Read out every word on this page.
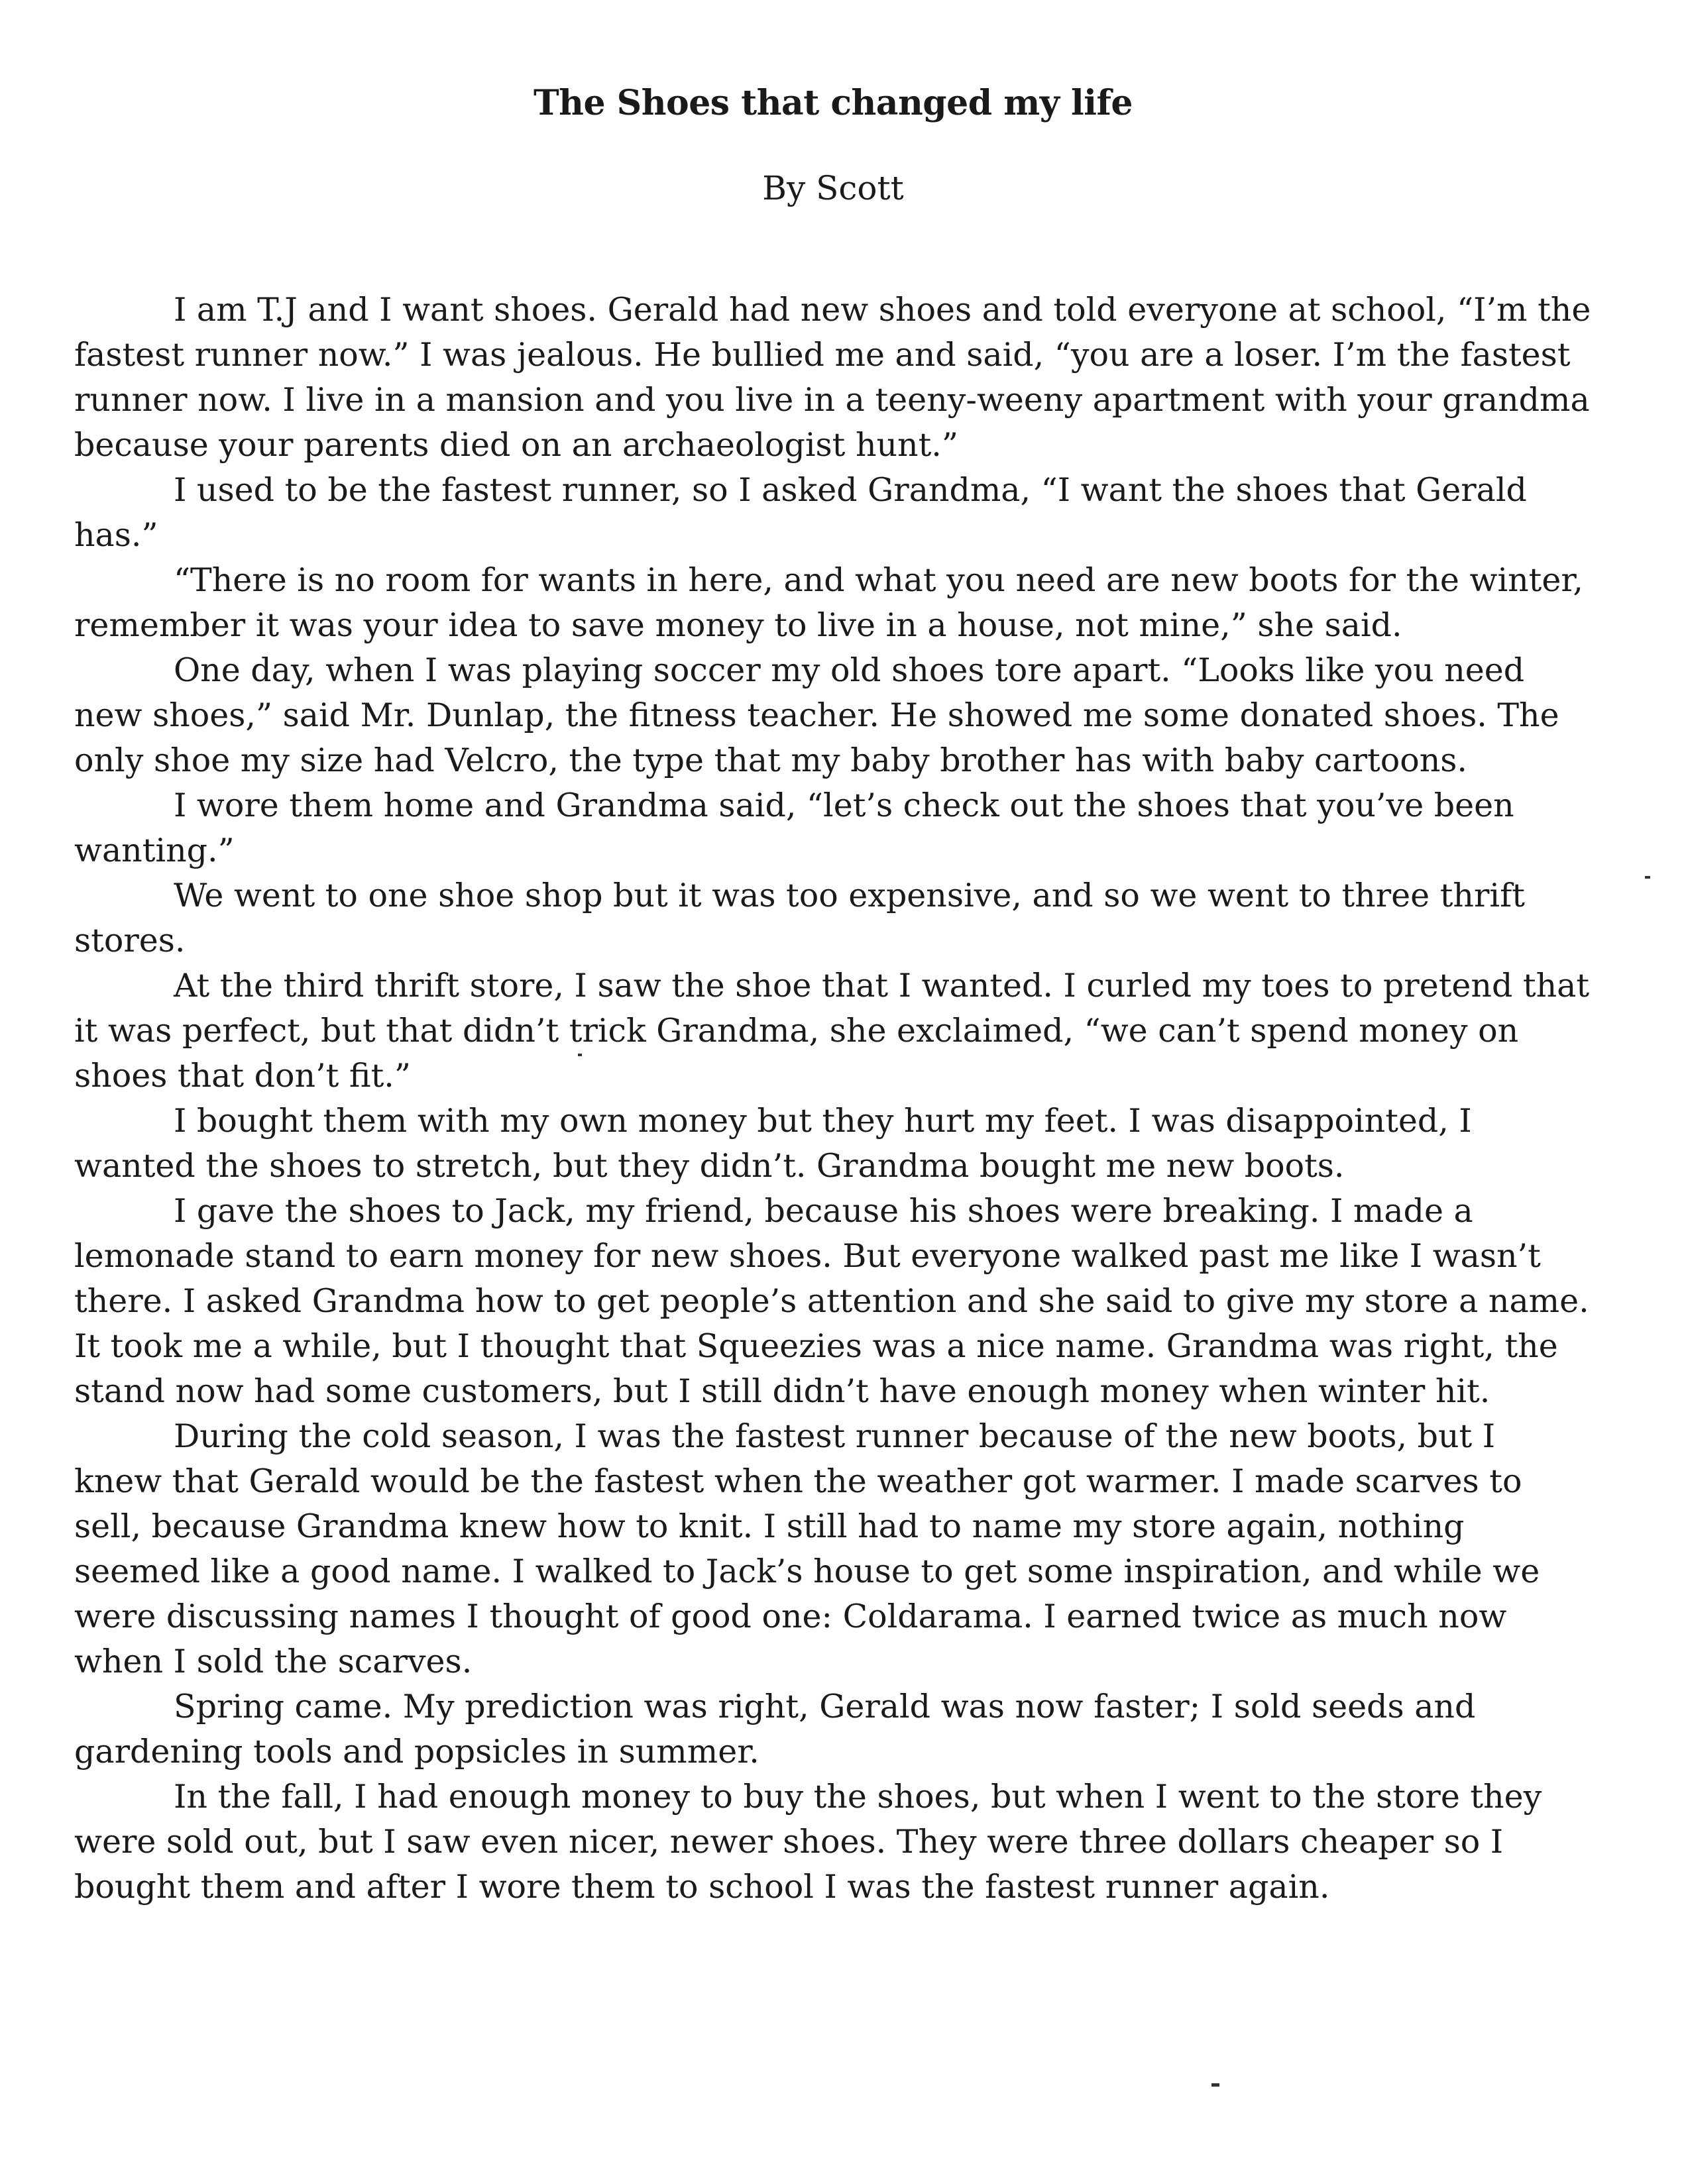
The Shoes that changed my life
By Scott

I am T.J and I want shoes. Gerald had new shoes and told everyone at school, “I’m the fastest runner now.” I was jealous. He bullied me and said, “you are a loser. I’m the fastest runner now. I live in a mansion and you live in a teeny-weeny apartment with your grandma because your parents died on an archaeologist hunt.”

I used to be the fastest runner, so I asked Grandma, “I want the shoes that Gerald has.”

“There is no room for wants in here, and what you need are new boots for the winter, remember it was your idea to save money to live in a house, not mine,” she said.

One day, when I was playing soccer my old shoes tore apart. “Looks like you need new shoes,” said Mr. Dunlap, the fitness teacher. He showed me some donated shoes. The only shoe my size had Velcro, the type that my baby brother has with baby cartoons.

I wore them home and Grandma said, “let’s check out the shoes that you’ve been wanting.”

We went to one shoe shop but it was too expensive, and so we went to three thrift stores.

At the third thrift store, I saw the shoe that I wanted. I curled my toes to pretend that it was perfect, but that didn’t trick Grandma, she exclaimed, “we can’t spend money on shoes that don’t fit.”

I bought them with my own money but they hurt my feet. I was disappointed, I wanted the shoes to stretch, but they didn’t. Grandma bought me new boots.

I gave the shoes to Jack, my friend, because his shoes were breaking. I made a lemonade stand to earn money for new shoes. But everyone walked past me like I wasn’t there. I asked Grandma how to get people’s attention and she said to give my store a name. It took me a while, but I thought that Squeezies was a nice name. Grandma was right, the stand now had some customers, but I still didn’t have enough money when winter hit.

During the cold season, I was the fastest runner because of the new boots, but I knew that Gerald would be the fastest when the weather got warmer. I made scarves to sell, because Grandma knew how to knit. I still had to name my store again, nothing seemed like a good name. I walked to Jack’s house to get some inspiration, and while we were discussing names I thought of good one: Coldarama. I earned twice as much now when I sold the scarves.

Spring came. My prediction was right, Gerald was now faster; I sold seeds and gardening tools and popsicles in summer.

In the fall, I had enough money to buy the shoes, but when I went to the store they were sold out, but I saw even nicer, newer shoes. They were three dollars cheaper so I bought them and after I wore them to school I was the fastest runner again.
